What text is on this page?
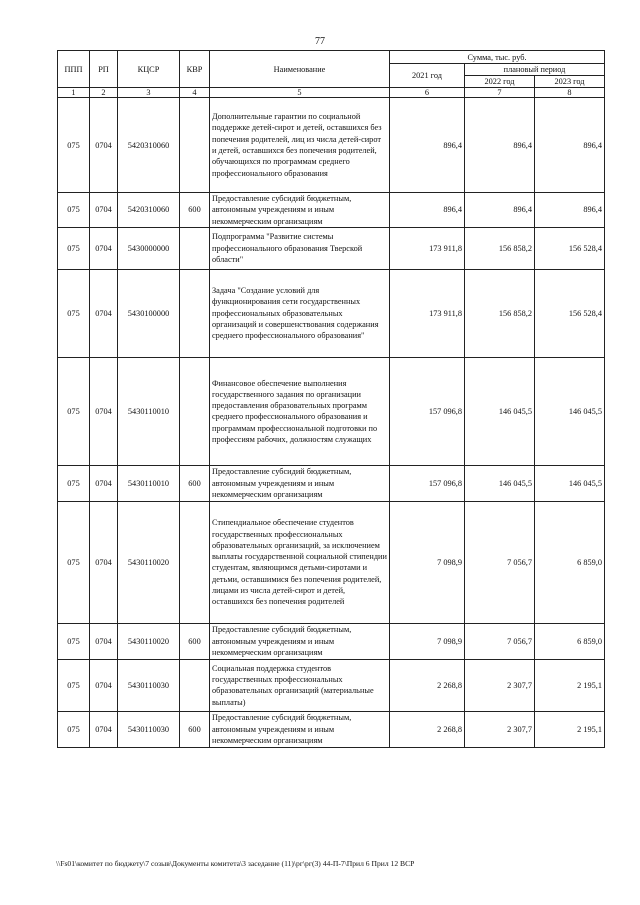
77
ППП	РП	КЦСР	КВР	Наименование	Сумма, тыс. руб.		
					2021 год	плановый период	
						2022 год	2023 год
1	2	3	4	5	6	7	8
075	0704	5420310060		Дополнительные гарантии по социальной поддержке детей-сирот и детей, оставшихся без попечения родителей, лиц из числа детей-сирот и детей, оставшихся без попечения родителей, обучающихся по программам среднего профессионального образования	896,4	896,4	896,4
075	0704	5420310060	600	Предоставление субсидий бюджетным, автономным учреждениям и иным некоммерческим организациям	896,4	896,4	896,4
075	0704	5430000000		Подпрограмма "Развитие системы профессионального образования Тверской области"	173 911,8	156 858,2	156 528,4
075	0704	5430100000		Задача "Создание условий для функционирования сети государственных профессиональных образовательных организаций и совершенствования содержания среднего профессионального образования"	173 911,8	156 858,2	156 528,4
075	0704	5430110010		Финансовое обеспечение выполнения государственного задания по организации предоставления образовательных программ среднего профессионального образования и программам профессиональной подготовки по профессиям рабочих, должностям служащих	157 096,8	146 045,5	146 045,5
075	0704	5430110010	600	Предоставление субсидий бюджетным, автономным учреждениям и иным некоммерческим организациям	157 096,8	146 045,5	146 045,5
075	0704	5430110020		Стипендиальное обеспечение студентов государственных профессиональных образовательных организаций, за исключением выплаты государственной социальной стипендии студентам, являющимся детьми-сиротами и детьми, оставшимися без попечения родителей, лицами из числа детей-сирот и детей, оставшихся без попечения родителей	7 098,9	7 056,7	6 859,0
075	0704	5430110020	600	Предоставление субсидий бюджетным, автономным учреждениям и иным некоммерческим организациям	7 098,9	7 056,7	6 859,0
075	0704	5430110030		Социальная поддержка студентов государственных профессиональных образовательных организаций (материальные выплаты)	2 268,8	2 307,7	2 195,1
075	0704	5430110030	600	Предоставление субсидий бюджетным, автономным учреждениям и иным некоммерческим организациям	2 268,8	2 307,7	2 195,1
\\Fs01\комитет по бюджету\7 созыв\Документы комитета\3 заседание (11)\рг\рг(3) 44-П-7\Прил 6 Прил 12 ВСР
